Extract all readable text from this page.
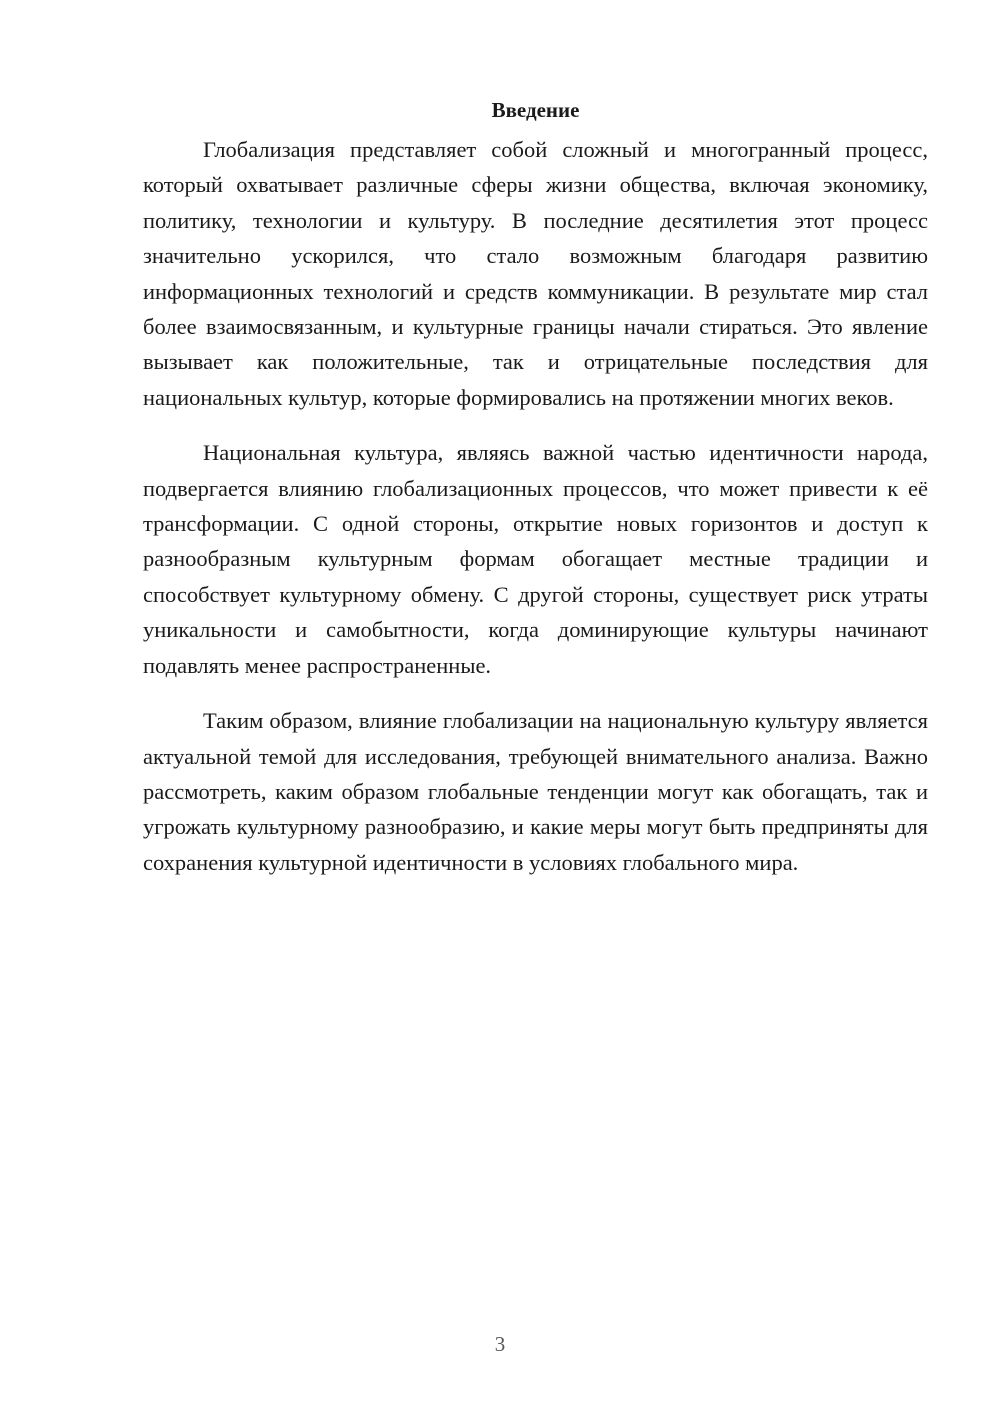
Введение

Глобализация представляет собой сложный и многогранный процесс, который охватывает различные сферы жизни общества, включая экономику, политику, технологии и культуру. В последние десятилетия этот процесс значительно ускорился, что стало возможным благодаря развитию информационных технологий и средств коммуникации. В результате мир стал более взаимосвязанным, и культурные границы начали стираться. Это явление вызывает как положительные, так и отрицательные последствия для национальных культур, которые формировались на протяжении многих веков.

Национальная культура, являясь важной частью идентичности народа, подвергается влиянию глобализационных процессов, что может привести к её трансформации. С одной стороны, открытие новых горизонтов и доступ к разнообразным культурным формам обогащает местные традиции и способствует культурному обмену. С другой стороны, существует риск утраты уникальности и самобытности, когда доминирующие культуры начинают подавлять менее распространенные.

Таким образом, влияние глобализации на национальную культуру является актуальной темой для исследования, требующей внимательного анализа. Важно рассмотреть, каким образом глобальные тенденции могут как обогащать, так и угрожать культурному разнообразию, и какие меры могут быть предприняты для сохранения культурной идентичности в условиях глобального мира.

3
